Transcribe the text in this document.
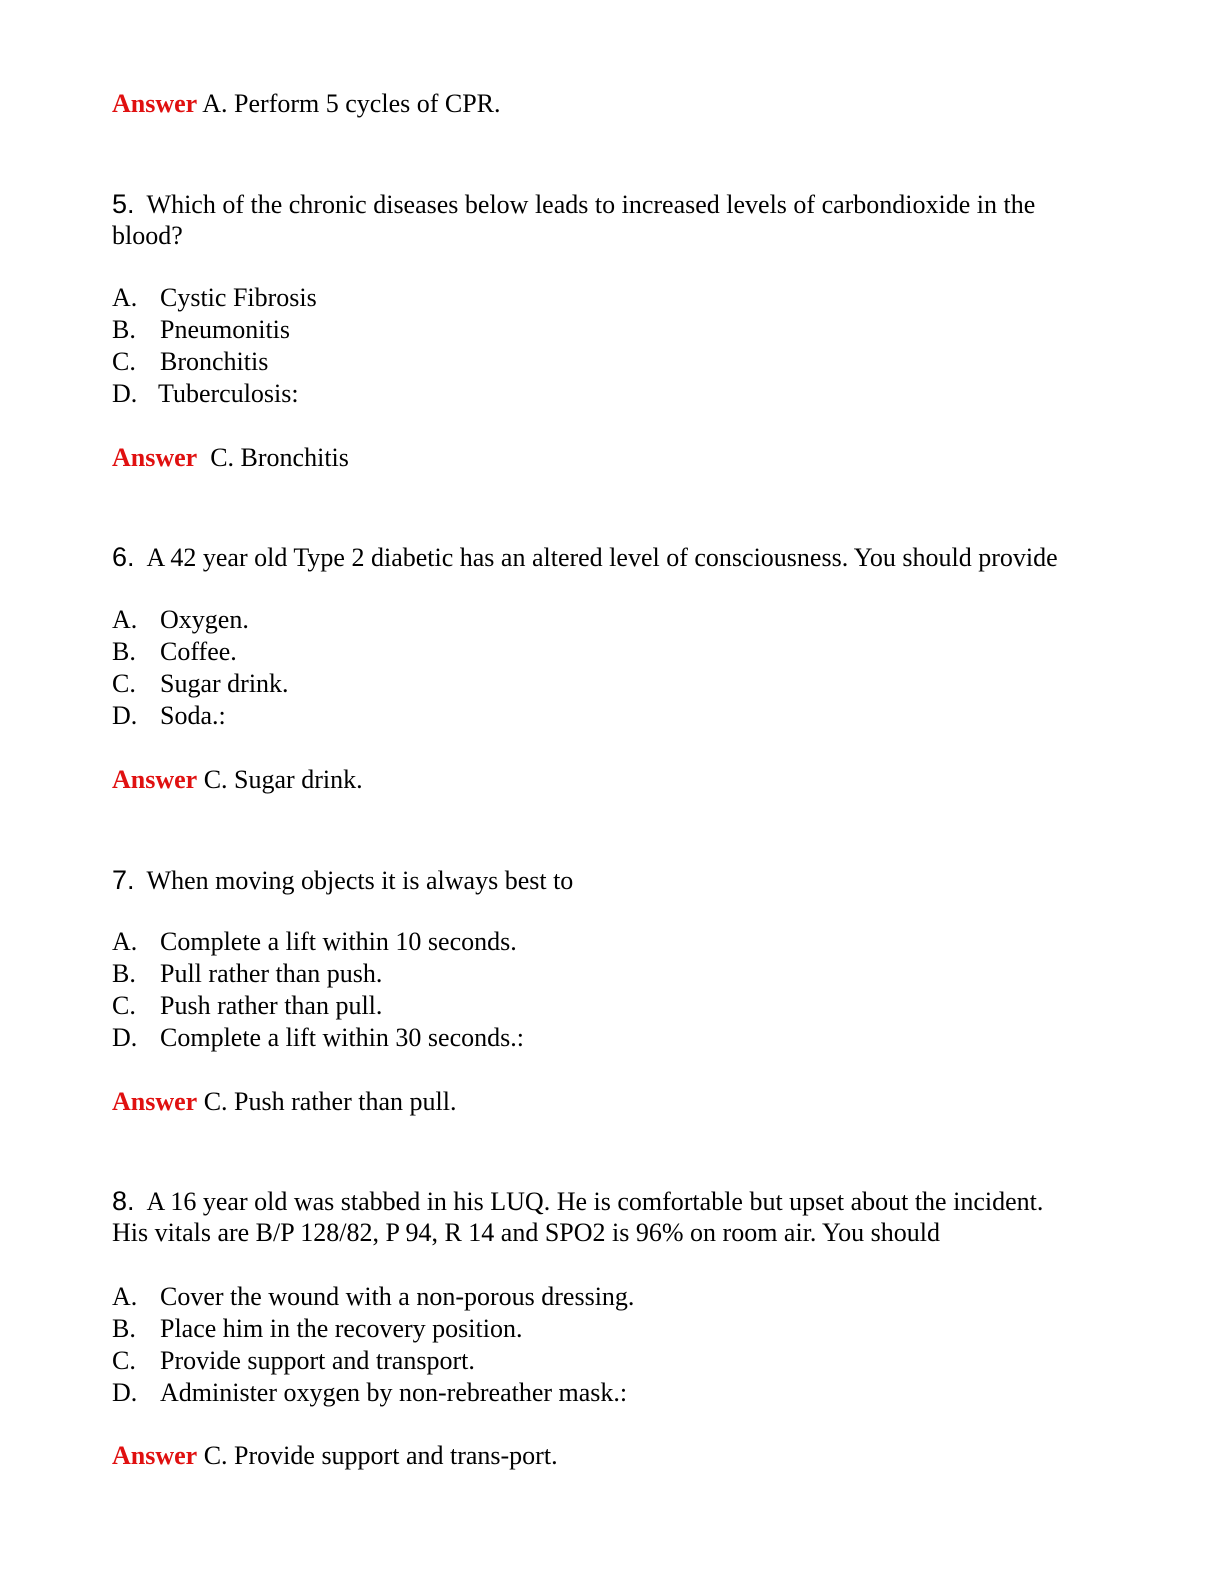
Answer A. Perform 5 cycles of CPR.
5. Which of the chronic diseases below leads to increased levels of carbondioxide in the
blood?
A. Cystic Fibrosis
B. Pneumonitis
C. Bronchitis
D. Tuberculosis:
Answer  C. Bronchitis
6. A 42 year old Type 2 diabetic has an altered level of consciousness. You should provide
A. Oxygen.
B. Coffee.
C. Sugar drink.
D. Soda.:
Answer C. Sugar drink.
7. When moving objects it is always best to
A. Complete a lift within 10 seconds.
B. Pull rather than push.
C. Push rather than pull.
D. Complete a lift within 30 seconds.:
Answer C. Push rather than pull.
8. A 16 year old was stabbed in his LUQ. He is comfortable but upset about the incident.
His vitals are B/P 128/82, P 94, R 14 and SPO2 is 96% on room air. You should
A. Cover the wound with a non-porous dressing.
B. Place him in the recovery position.
C. Provide support and transport.
D. Administer oxygen by non-rebreather mask.:
Answer C. Provide support and trans-port.
